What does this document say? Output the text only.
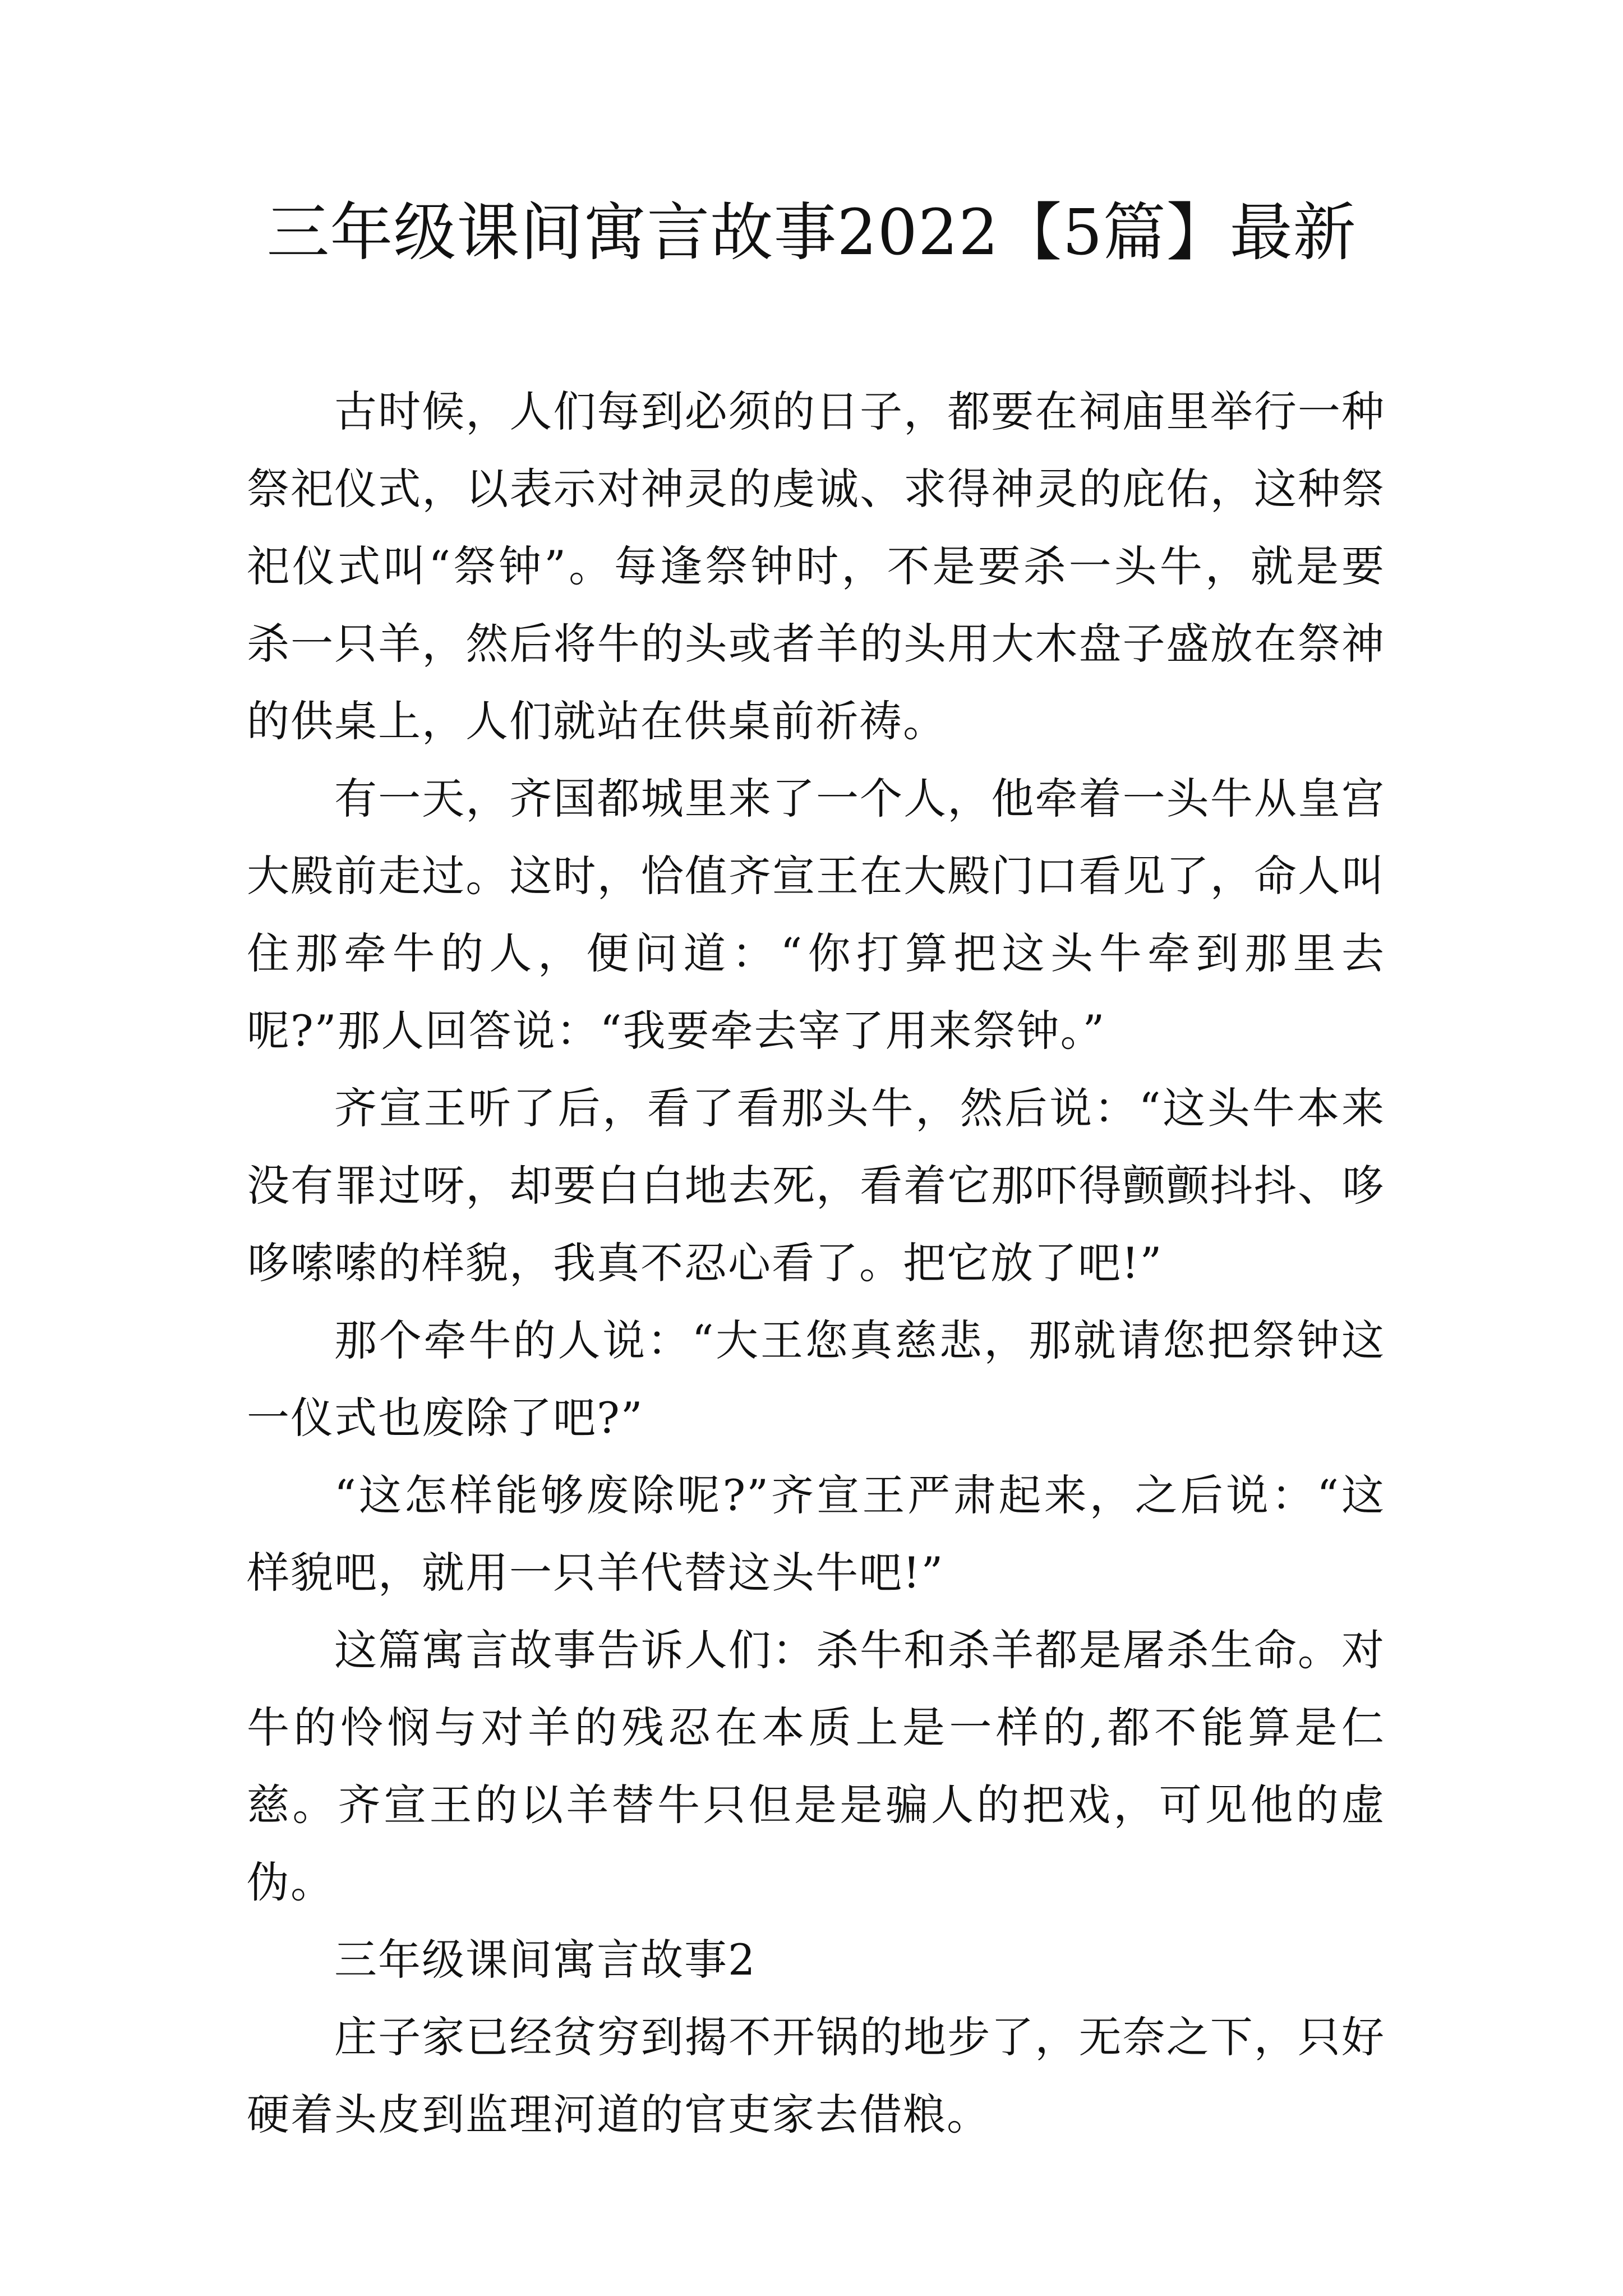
三年级课间寓言故事2022【5篇】最新

古时候，人们每到必须的日子，都要在祠庙里举行一种祭祀仪式，以表示对神灵的虔诚、求得神灵的庇佑，这种祭祀仪式叫“祭钟”。每逢祭钟时，不是要杀一头牛，就是要杀一只羊，然后将牛的头或者羊的头用大木盘子盛放在祭神的供桌上，人们就站在供桌前祈祷。

有一天，齐国都城里来了一个人，他牵着一头牛从皇宫大殿前走过。这时，恰值齐宣王在大殿门口看见了，命人叫住那牵牛的人，便问道：“你打算把这头牛牵到那里去呢?”那人回答说：“我要牵去宰了用来祭钟。”

齐宣王听了后，看了看那头牛，然后说：“这头牛本来没有罪过呀，却要白白地去死，看着它那吓得颤颤抖抖、哆哆嗦嗦的样貌，我真不忍心看了。把它放了吧!”

那个牵牛的人说：“大王您真慈悲，那就请您把祭钟这一仪式也废除了吧?”

“这怎样能够废除呢?”齐宣王严肃起来，之后说：“这样貌吧，就用一只羊代替这头牛吧!”

这篇寓言故事告诉人们：杀牛和杀羊都是屠杀生命。对牛的怜悯与对羊的残忍在本质上是一样的,都不能算是仁慈。齐宣王的以羊替牛只但是是骗人的把戏，可见他的虚伪。

三年级课间寓言故事2

庄子家已经贫穷到揭不开锅的地步了，无奈之下，只好硬着头皮到监理河道的官吏家去借粮。
